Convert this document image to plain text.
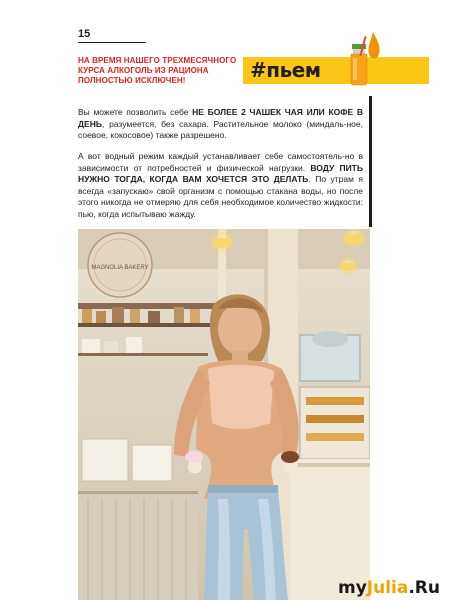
15
НА ВРЕМЯ НАШЕГО ТРЕХМЕСЯЧНОГО
КУРСА АЛКОГОЛЬ ИЗ РАЦИОНА
ПОЛНОСТЬЮ ИСКЛЮЧЕН!	#пьем
Вы можете позволить себе НЕ БОЛЕЕ 2 ЧАШЕК ЧАЯ ИЛИ КОФЕ В ДЕНЬ, разумеется, без сахара. Растительное молоко (миндаль-ное, соевое, кокосовое) также разрешено.
А вот водный режим каждый устанавливает себе самостоятель-но в зависимости от потребностей и физической нагрузки. ВОДУ ПИТЬ НУЖНО ТОГДА, КОГДА ВАМ ХОЧЕТСЯ ЭТО ДЕЛАТЬ. По утрам я всегда «запускаю» свой организм с помощью стакана воды, но после этого никогда не отмеряю для себя необходимое количество жидкости: пью, когда испытываю жажду.
MAGNOLIA BAKERY
myJulia.Ru
